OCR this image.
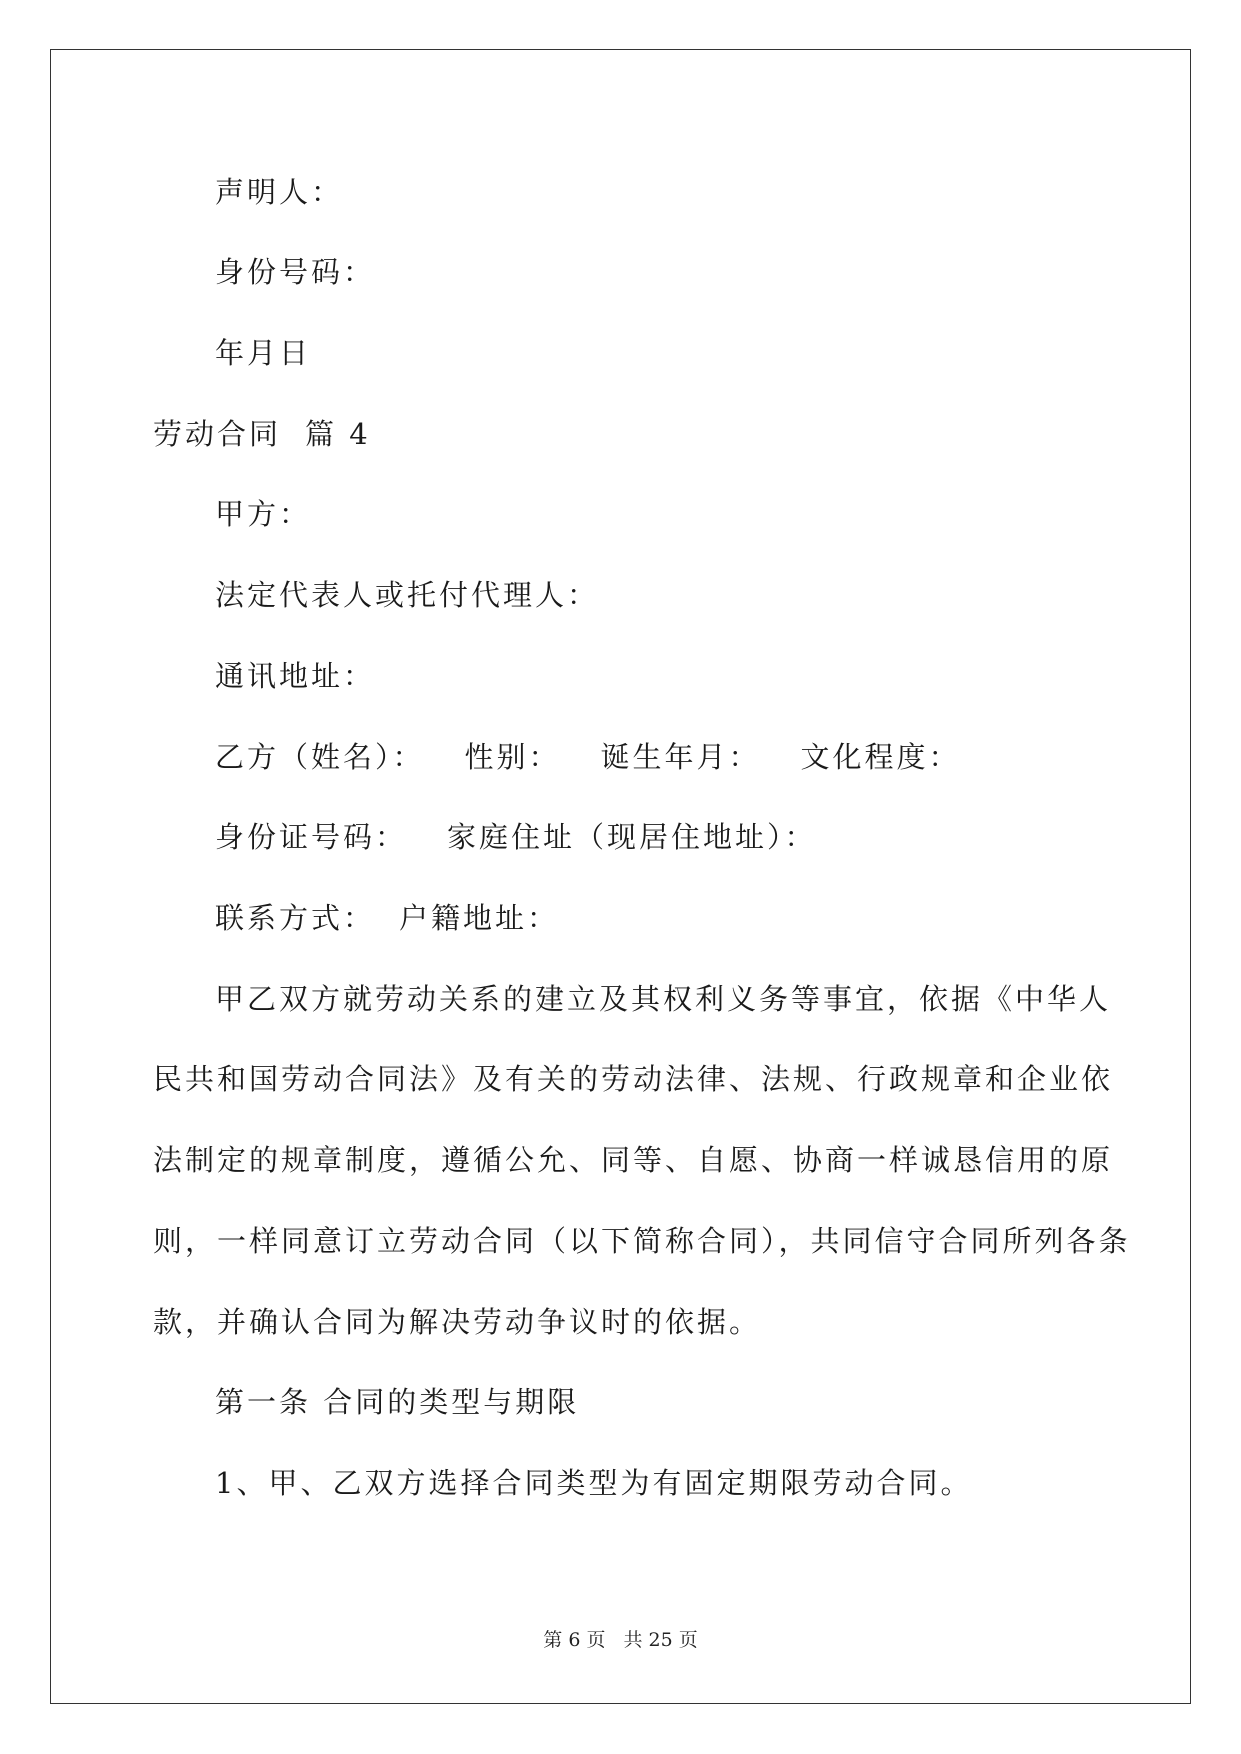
声明人：
身份号码：
年月日
劳动合同 篇 4
甲方：
法定代表人或托付代理人：
通讯地址：
乙方（姓名）： 性别： 诞生年月： 文化程度：
身份证号码： 家庭住址（现居住地址）：
联系方式： 户籍地址：
甲乙双方就劳动关系的建立及其权利义务等事宜，依据《中华人
民共和国劳动合同法》及有关的劳动法律、法规、行政规章和企业依
法制定的规章制度，遵循公允、同等、自愿、协商一样诚恳信用的原
则，一样同意订立劳动合同（以下简称合同），共同信守合同所列各条
款，并确认合同为解决劳动争议时的依据。
第一条 合同的类型与期限
1、甲、乙双方选择合同类型为有固定期限劳动合同。
第 6 页 共 25 页
